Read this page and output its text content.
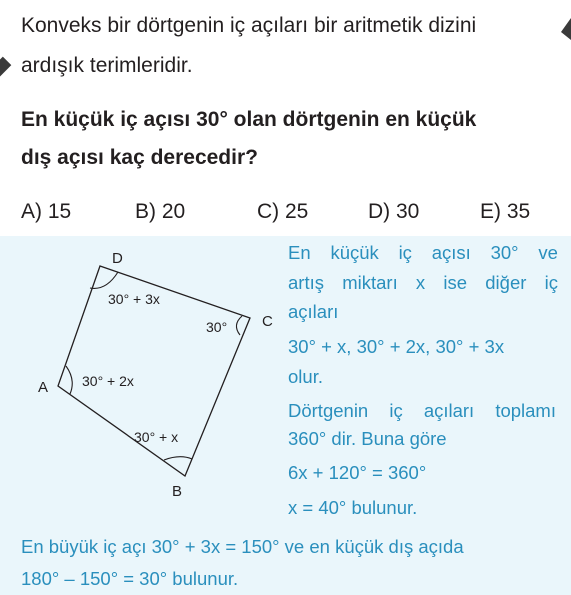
Konveks bir dörtgenin iç açıları bir aritmetik dizini
ardışık terimleridir.
En küçük iç açısı 30° olan dörtgenin en küçük
dış açısı kaç derecedir?
A) 15	B) 20	C) 25	D) 30	E) 35
D
C
A
B
30° + 3x
30°
30° + 2x
30° + x
En küçük iç açısı 30° ve
artış miktarı x ise diğer iç
açıları
30° + x, 30° + 2x, 30° + 3x
olur.
Dörtgenin iç açıları toplamı
360° dir. Buna göre
6x + 120° = 360°
x = 40° bulunur.
En büyük iç açı 30° + 3x = 150° ve en küçük dış açıda
180° – 150° = 30° bulunur.
